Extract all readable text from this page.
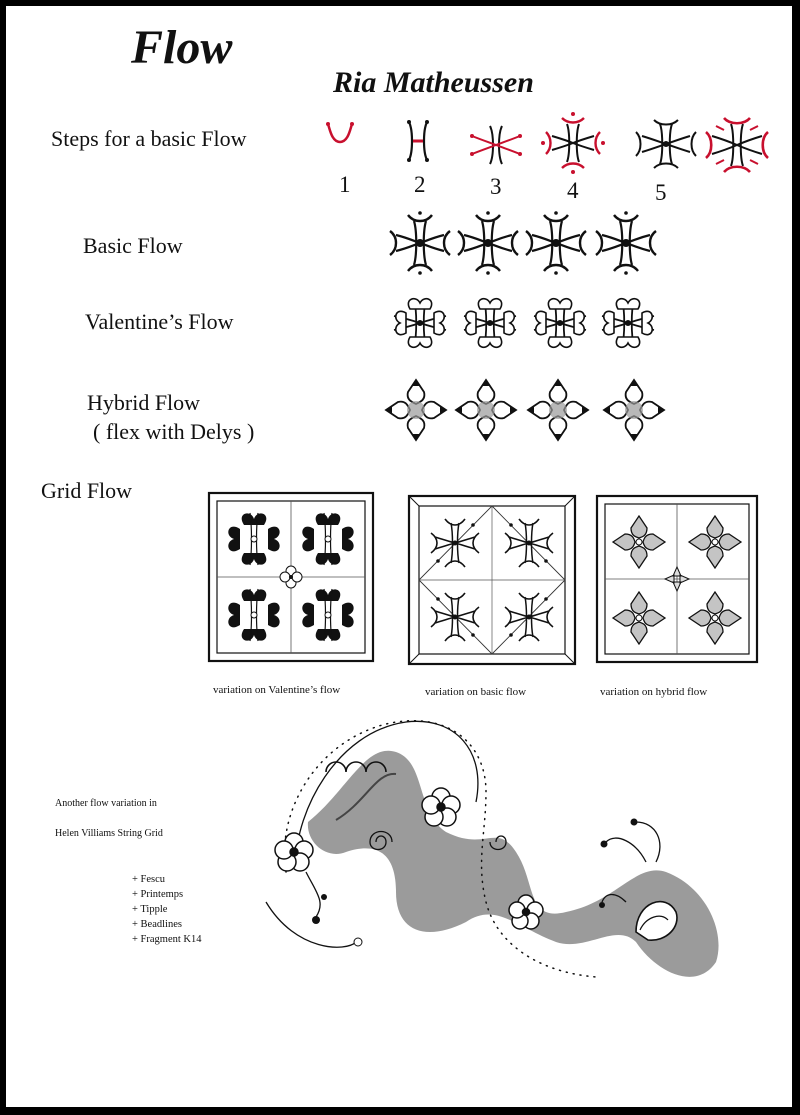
Flow
Ria Matheussen
Steps for a basic Flow
1	2	3	4	5
Basic Flow
Valentine’s Flow
Hybrid Flow
( flex with Delys )
Grid Flow
variation on Valentine’s flow	variation on basic flow	variation on hybrid flow
Another flow variation in
Helen Villiams String Grid
+ Fescu
+ Printemps
+ Tipple
+ Beadlines
+ Fragment K14
